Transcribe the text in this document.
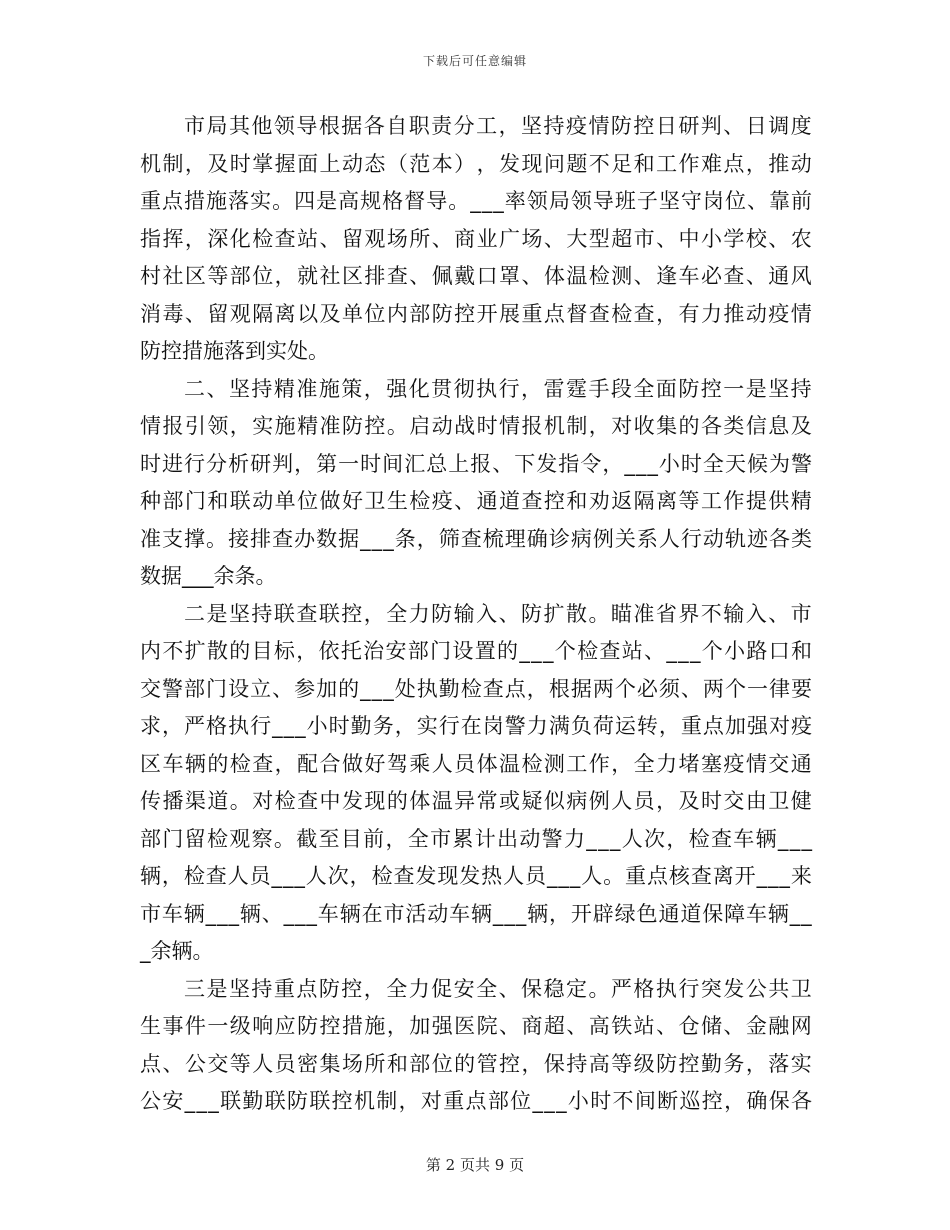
下载后可任意编辑
市 局 其 他 领 导 根 据 各 自 职 责 分 工 ， 坚 持 疫 情 防 控 日 研 判 、 日 调 度
机 制 ， 及 时 掌 握 面 上 动 态 （ 范 本 ） ， 发 现 问 题 不 足 和 工 作 难 点 ， 推 动
重 点 措 施 落 实 。 四 是 高 规 格 督 导 。 _ _ _ 率 领 局 领 导 班 子 坚 守 岗 位 、 靠 前
指 挥 ， 深 化 检 查 站 、 留 观 场 所 、 商 业 广 场 、 大 型 超 市 、 中 小 学 校 、 农
村 社 区 等 部 位 ， 就 社 区 排 查 、 佩 戴 口 罩 、 体 温 检 测 、 逢 车 必 查 、 通 风
消 毒 、 留 观 隔 离 以 及 单 位 内 部 防 控 开 展 重 点 督 查 检 查 ， 有 力 推 动 疫 情
防控措施落到实处。
二 、 坚 持 精 准 施 策 ， 强 化 贯 彻 执 行 ， 雷 霆 手 段 全 面 防 控 一 是 坚 持
情 报 引 领 ， 实 施 精 准 防 控 。 启 动 战 时 情 报 机 制 ， 对 收 集 的 各 类 信 息 及
时 进 行 分 析 研 判 ， 第 一 时 间 汇 总 上 报 、 下 发 指 令 ， _ _ _ 小 时 全 天 候 为 警
种 部 门 和 联 动 单 位 做 好 卫 生 检 疫 、 通 道 查 控 和 劝 返 隔 离 等 工 作 提 供 精
准 支 撑 。 接 排 查 办 数 据 _ _ _ 条 ， 筛 查 梳 理 确 诊 病 例 关 系 人 行 动 轨 迹 各 类
数据___余条。
二 是 坚 持 联 查 联 控 ， 全 力 防 输 入 、 防 扩 散 。 瞄 准 省 界 不 输 入 、 市
内 不 扩 散 的 目 标 ， 依 托 治 安 部 门 设 置 的 _ _ _ 个 检 查 站 、 _ _ _ 个 小 路 口 和
交 警 部 门 设 立 、 参 加 的 _ _ _ 处 执 勤 检 查 点 ， 根 据 两 个 必 须 、 两 个 一 律 要
求 ， 严 格 执 行 _ _ _ 小 时 勤 务 ， 实 行 在 岗 警 力 满 负 荷 运 转 ， 重 点 加 强 对 疫
区 车 辆 的 检 查 ， 配 合 做 好 驾 乘 人 员 体 温 检 测 工 作 ， 全 力 堵 塞 疫 情 交 通
传 播 渠 道 。 对 检 查 中 发 现 的 体 温 异 常 或 疑 似 病 例 人 员 ， 及 时 交 由 卫 健
部 门 留 检 观 察 。 截 至 目 前 ， 全 市 累 计 出 动 警 力 _ _ _ 人 次 ， 检 查 车 辆 _ _ _
辆 ， 检 查 人 员 _ _ _ 人 次 ， 检 查 发 现 发 热 人 员 _ _ _ 人 。 重 点 核 查 离 开 _ _ _ 来
市 车 辆 _ _ _ 辆 、 _ _ _ 车 辆 在 市 活 动 车 辆 _ _ _ 辆 ， 开 辟 绿 色 通 道 保 障 车 辆 _ _
_余辆。
三 是 坚 持 重 点 防 控 ， 全 力 促 安 全 、 保 稳 定 。 严 格 执 行 突 发 公 共 卫
生 事 件 一 级 响 应 防 控 措 施 ， 加 强 医 院 、 商 超 、 高 铁 站 、 仓 储 、 金 融 网
点 、 公 交 等 人 员 密 集 场 所 和 部 位 的 管 控 ， 保 持 高 等 级 防 控 勤 务 ， 落 实
公 安 _ _ _ 联 勤 联 防 联 控 机 制 ， 对 重 点 部 位 _ _ _ 小 时 不 间 断 巡 控 ， 确 保 各
第 2 页共 9 页
